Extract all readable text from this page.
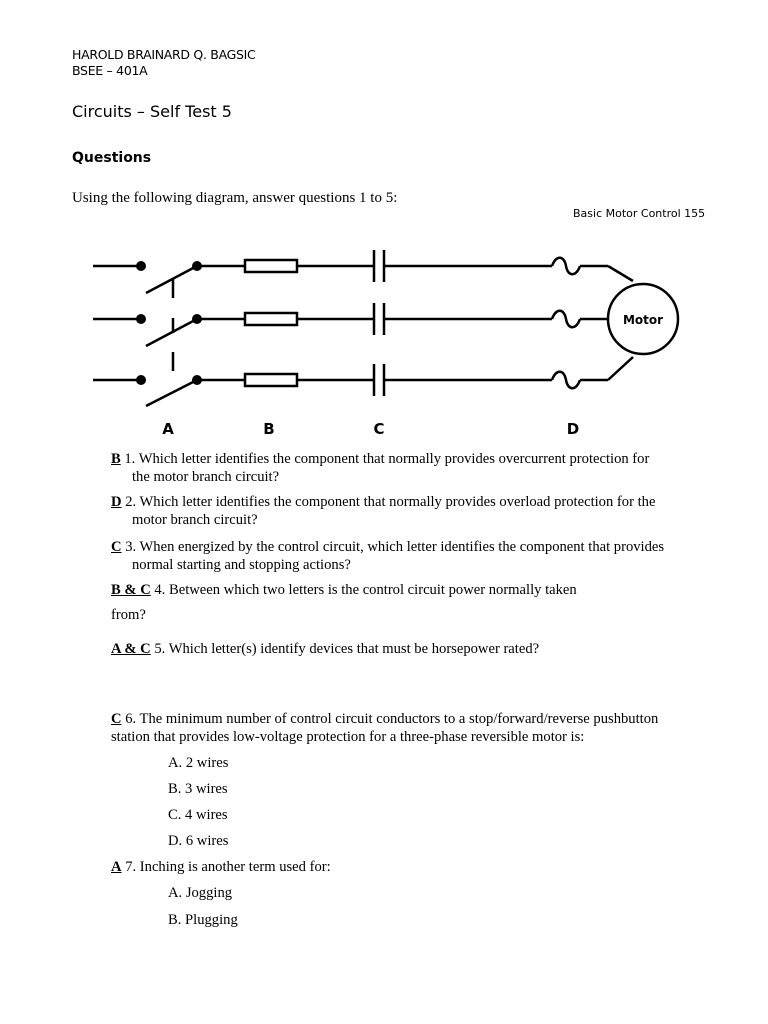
HAROLD BRAINARD Q. BAGSIC
BSEE – 401A
Circuits – Self Test 5
Questions
Using the following diagram, answer questions 1 to 5:
Basic Motor Control 155
Motor
A	B	C	D
B 1. Which letter identifies the component that normally provides overcurrent protection for
the motor branch circuit?
D 2. Which letter identifies the component that normally provides overload protection for the
motor branch circuit?
C 3. When energized by the control circuit, which letter identifies the component that provides
normal starting and stopping actions?
B & C 4. Between which two letters is the control circuit power normally taken
from?
A & C 5. Which letter(s) identify devices that must be horsepower rated?
C 6. The minimum number of control circuit conductors to a stop/forward/reverse pushbutton
station that provides low-voltage protection for a three-phase reversible motor is:
A. 2 wires
B. 3 wires
C. 4 wires
D. 6 wires
A 7. Inching is another term used for:
A. Jogging
B. Plugging
